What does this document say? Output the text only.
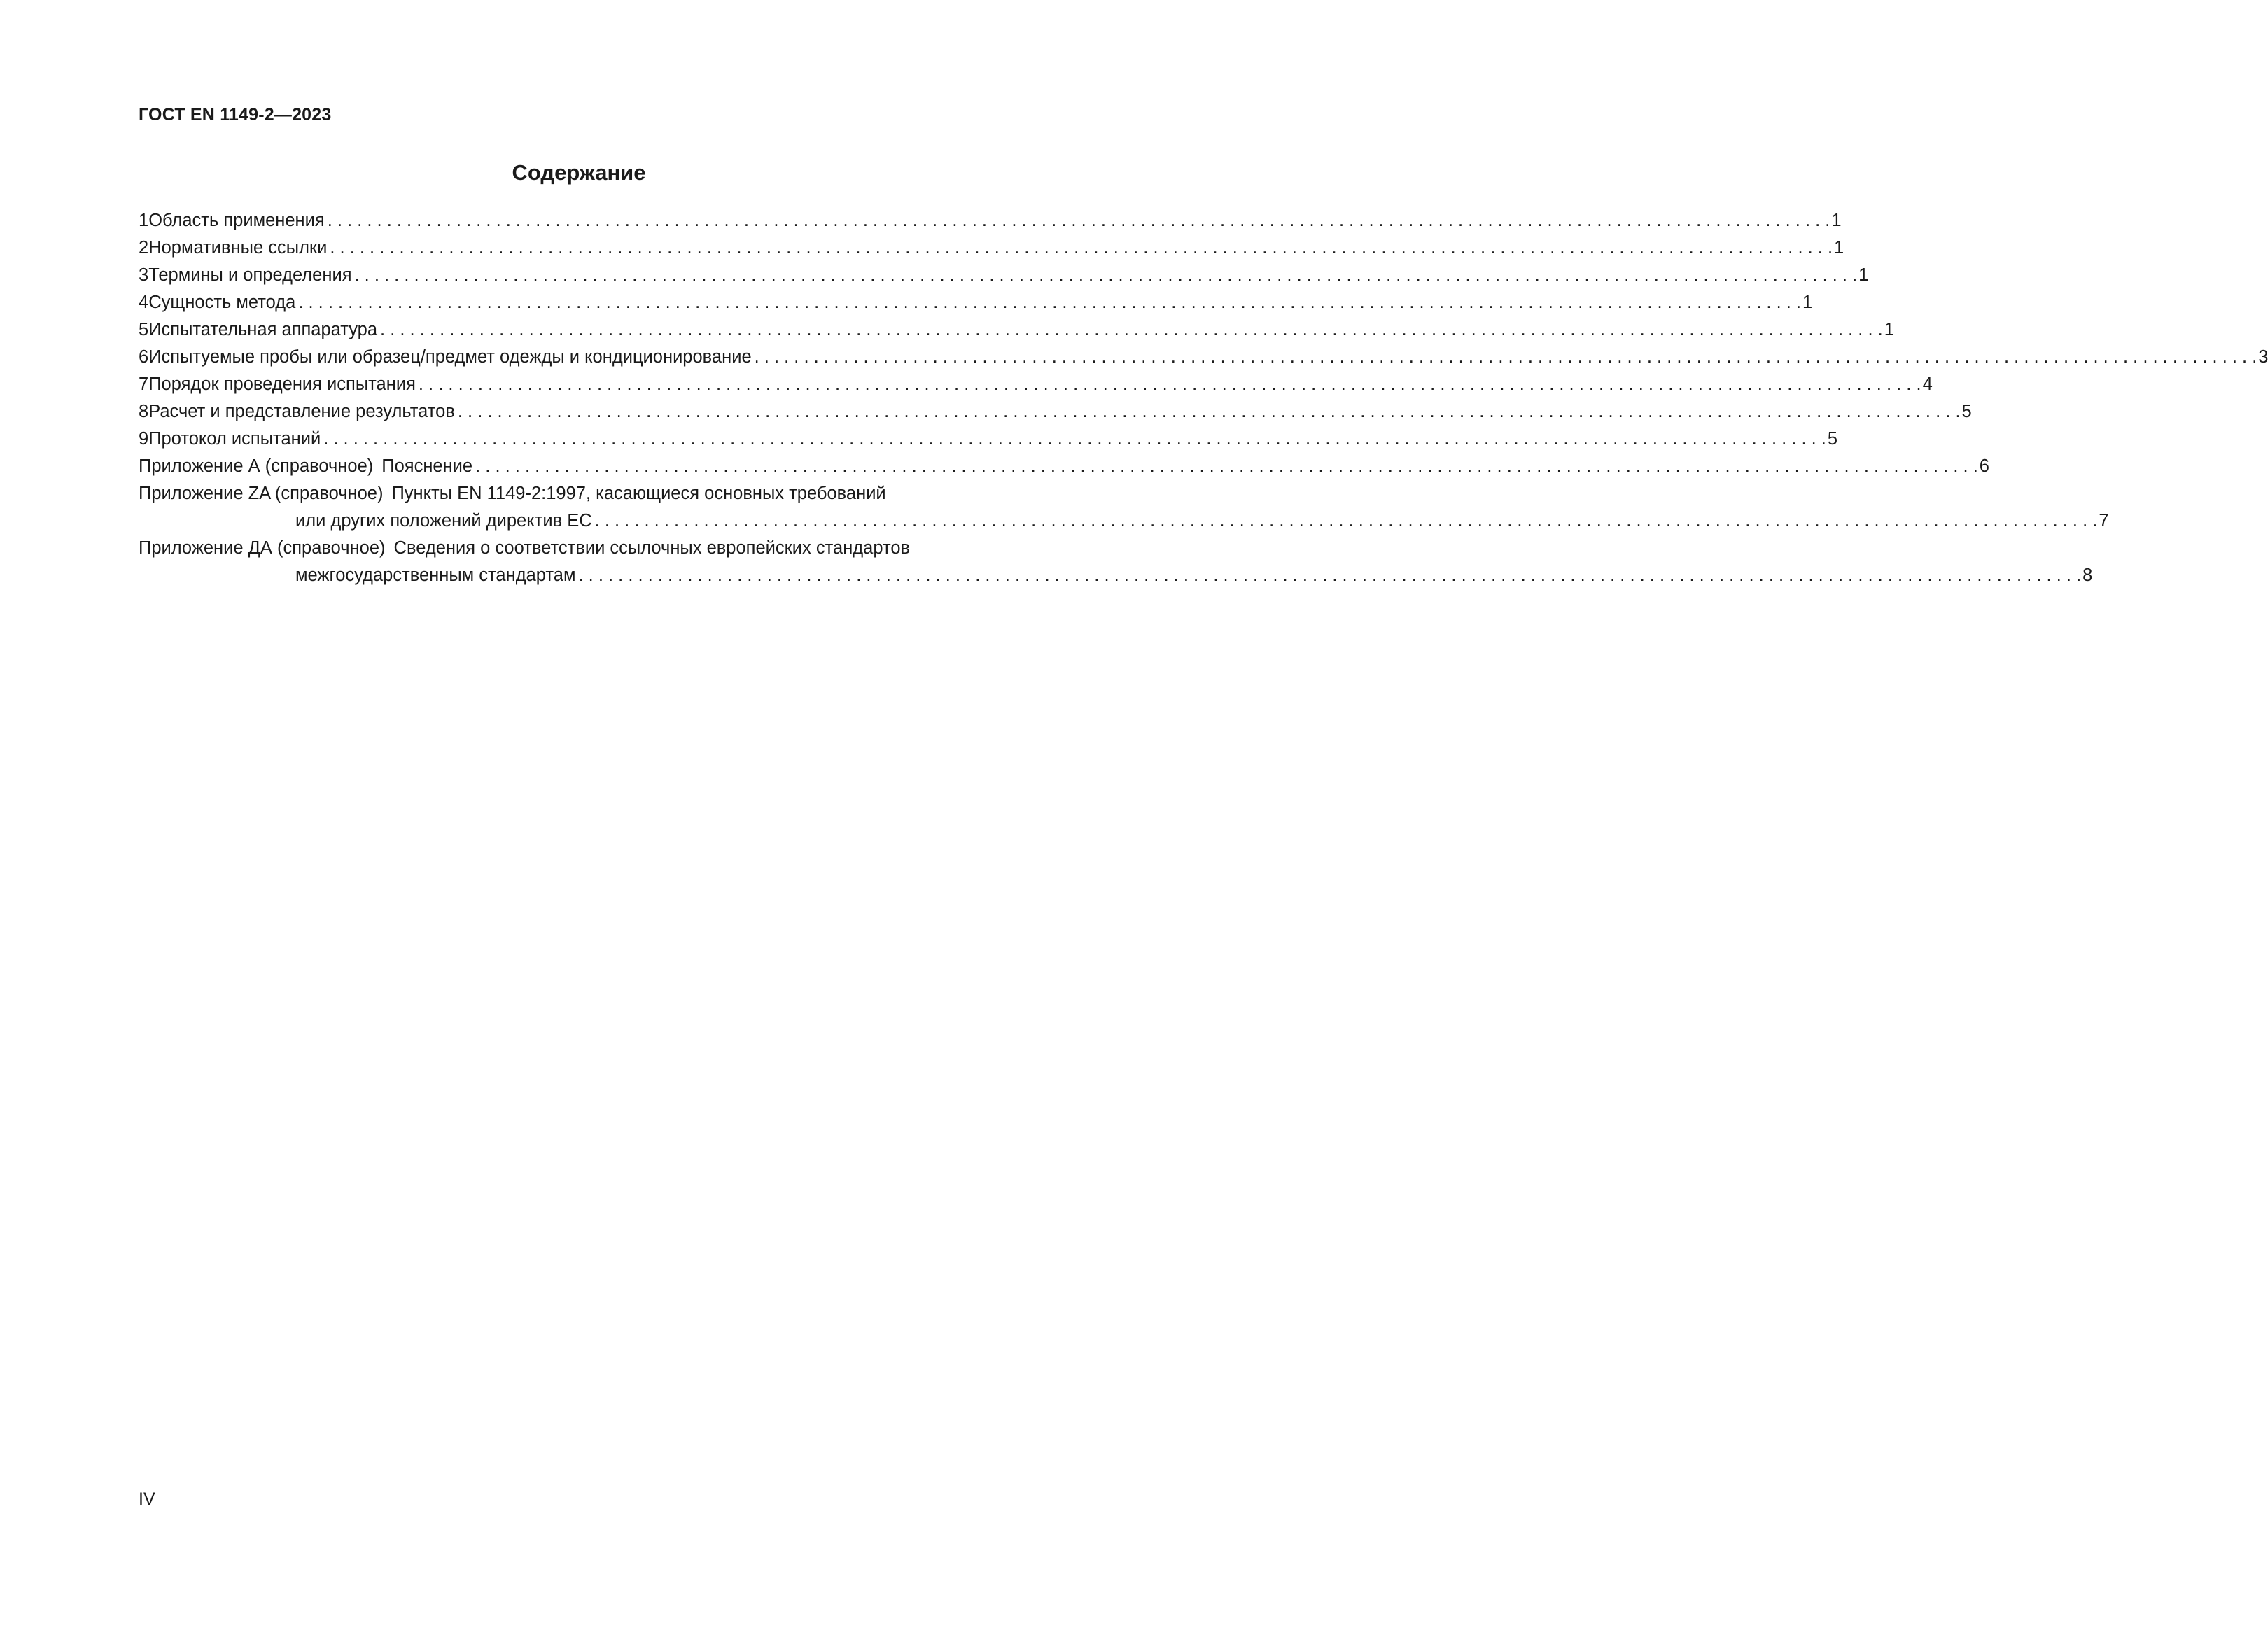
ГОСТ EN 1149-2—2023
Содержание
1 Область применения . . .	1
2 Нормативные ссылки . . .	1
3 Термины и определения . . .	1
4 Сущность метода . . .	1
5 Испытательная аппаратура . . .	1
6 Испытуемые пробы или образец/предмет одежды и кондиционирование . . .	3
7 Порядок проведения испытания . . .	4
8 Расчет и представление результатов . . .	5
9 Протокол испытаний . . .	5
Приложение А (справочное) Пояснение . . .	6
Приложение ZA (справочное) Пункты EN 1149-2:1997, касающиеся основных требований
или других положений директив ЕС . . .	7
Приложение ДА (справочное) Сведения о соответствии ссылочных европейских стандартов
межгосударственным стандартам . . .	8
IV
